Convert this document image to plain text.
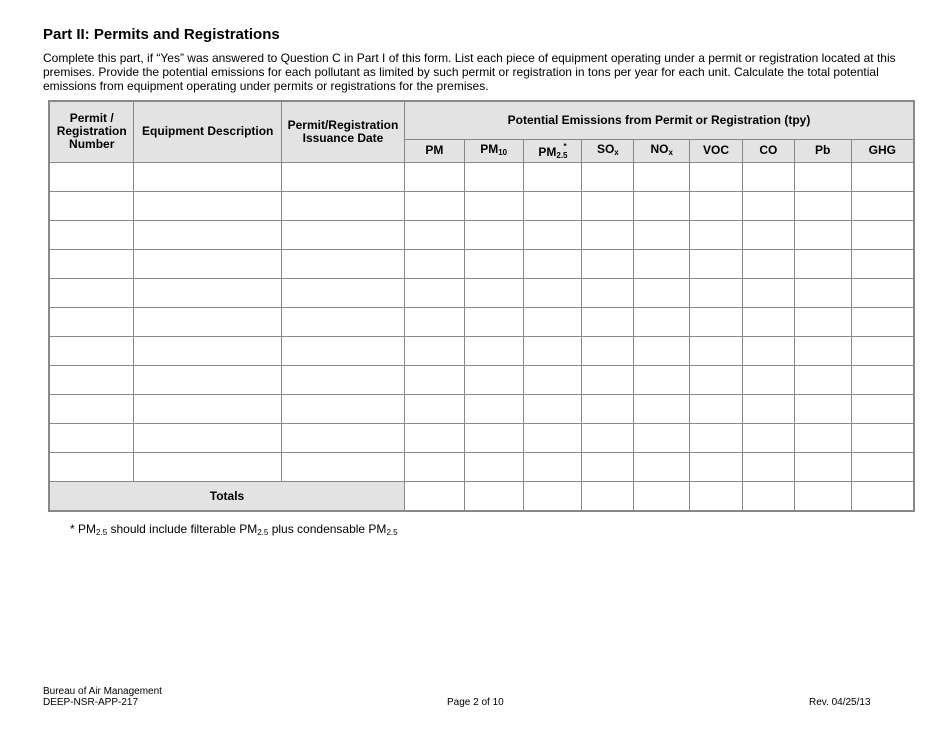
Part II: Permits and Registrations
Complete this part, if “Yes” was answered to Question C in Part I of this form. List each piece of equipment operating under a permit or registration located at this premises. Provide the potential emissions for each pollutant as limited by such permit or registration in tons per year for each unit. Calculate the total potential emissions from equipment operating under permits or registrations for the premises.
Permit / Registration Number	Equipment Description	Permit/Registration Issuance Date	Potential Emissions from Permit or Registration (tpy)								
			PM	$PM_{10}$	$PM_{2.5}^*$	$SO_x$	$NO_x$	VOC	CO	Pb	GHG

Totals											
* $PM_{2.5}$ should include filterable $PM_{2.5}$ plus condensable $PM_{2.5}$
Bureau of Air Management
DEEP-NSR-APP-217	Page 2 of 10	Rev. 04/25/13
